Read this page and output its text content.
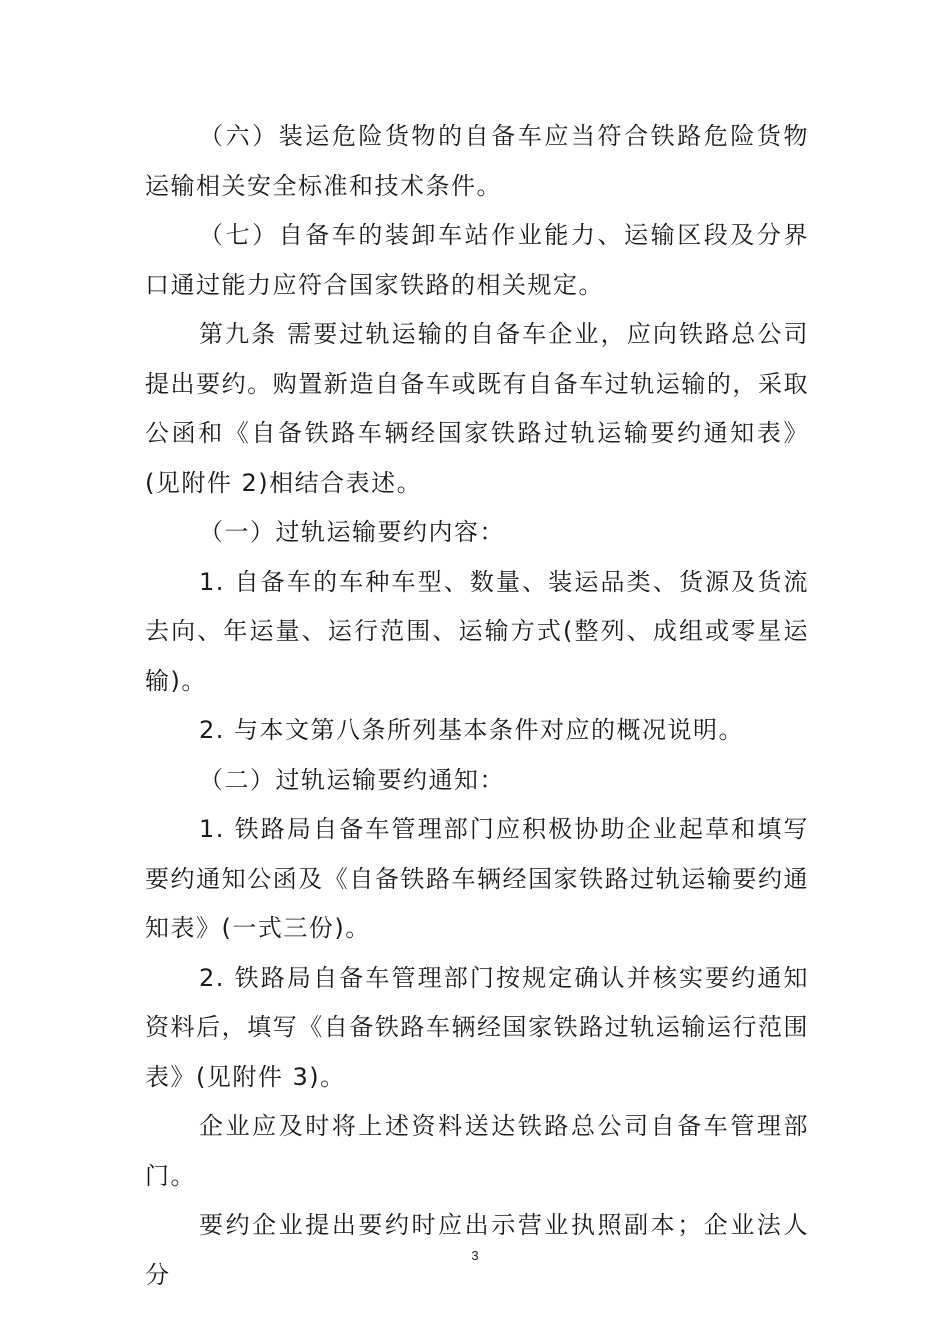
（六）装运危险货物的自备车应当符合铁路危险货物运输相关安全标准和技术条件。

（七）自备车的装卸车站作业能力、运输区段及分界口通过能力应符合国家铁路的相关规定。

第九条 需要过轨运输的自备车企业，应向铁路总公司提出要约。购置新造自备车或既有自备车过轨运输的，采取公函和《自备铁路车辆经国家铁路过轨运输要约通知表》(见附件 2)相结合表述。

（一）过轨运输要约内容：

1. 自备车的车种车型、数量、装运品类、货源及货流去向、年运量、运行范围、运输方式(整列、成组或零星运输)。

2. 与本文第八条所列基本条件对应的概况说明。

（二）过轨运输要约通知：

1. 铁路局自备车管理部门应积极协助企业起草和填写要约通知公函及《自备铁路车辆经国家铁路过轨运输要约通知表》(一式三份)。

2. 铁路局自备车管理部门按规定确认并核实要约通知资料后，填写《自备铁路车辆经国家铁路过轨运输运行范围表》(见附件 3)。

企业应及时将上述资料送达铁路总公司自备车管理部门。

要约企业提出要约时应出示营业执照副本；企业法人分

3
